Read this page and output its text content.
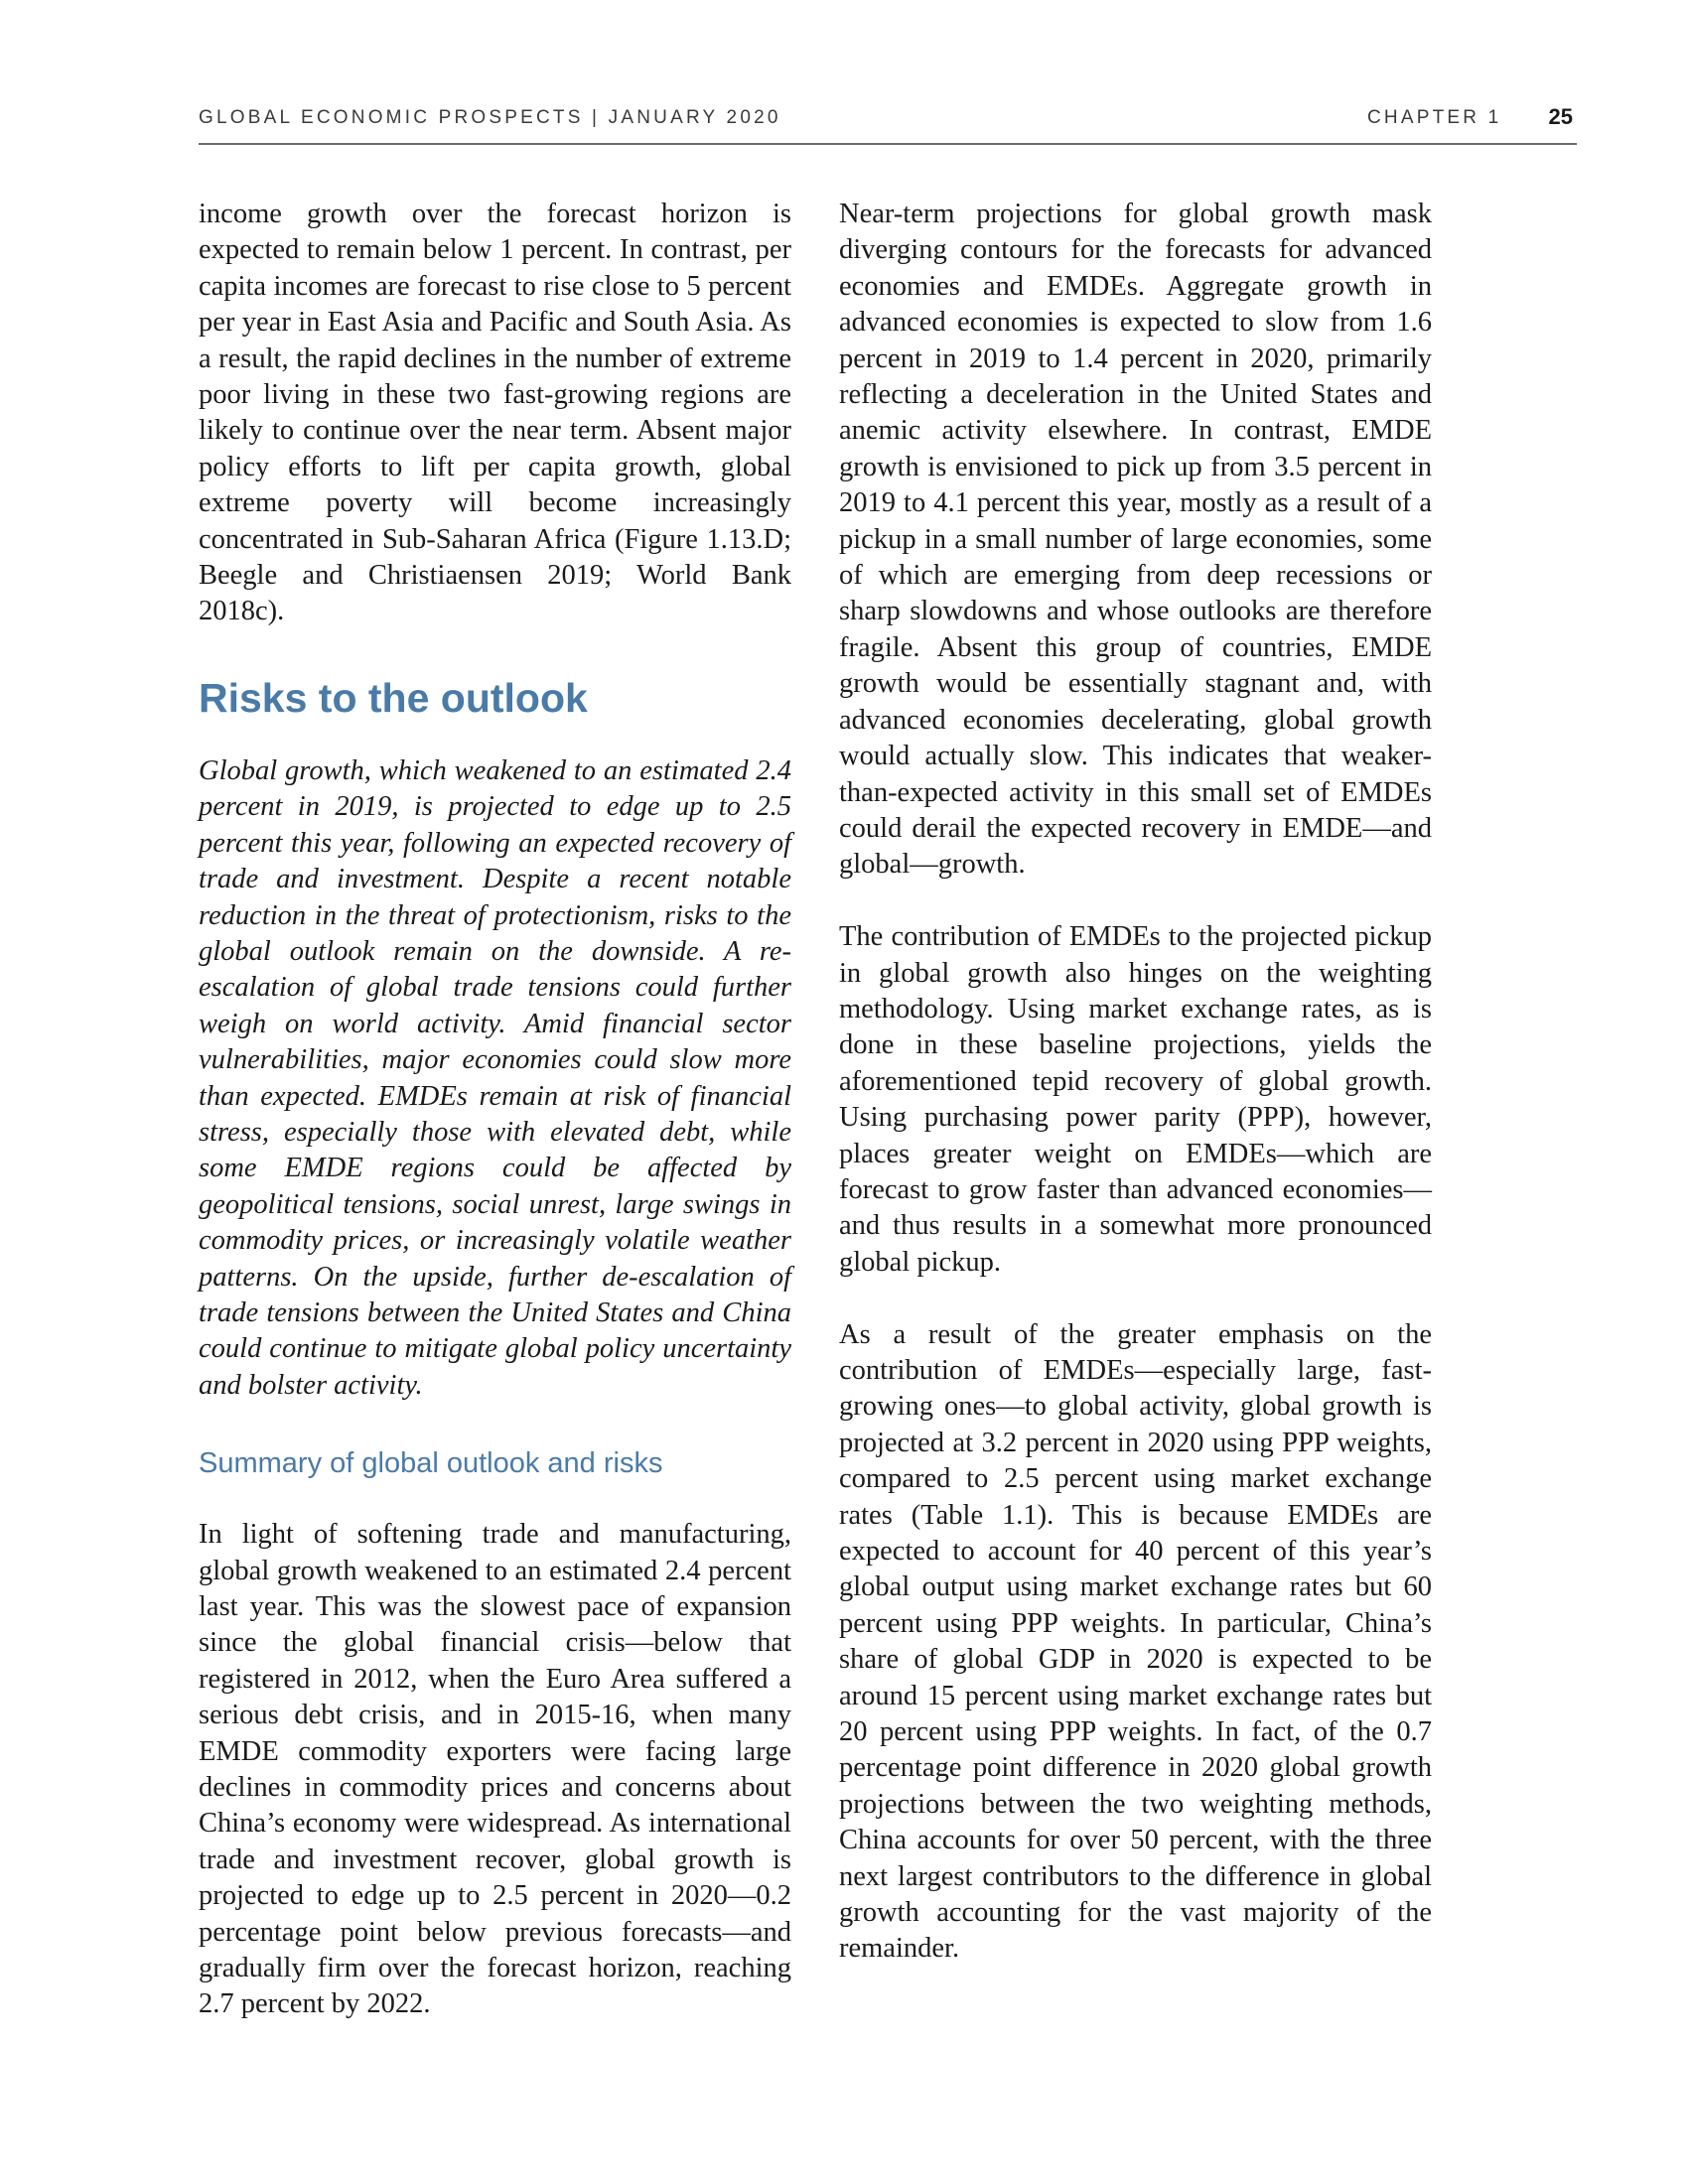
GLOBAL ECONOMIC PROSPECTS | JANUARY 2020	CHAPTER 1 25

income growth over the forecast horizon is expected to remain below 1 percent. In contrast, per capita incomes are forecast to rise close to 5 percent per year in East Asia and Pacific and South Asia. As a result, the rapid declines in the number of extreme poor living in these two fast-growing regions are likely to continue over the near term. Absent major policy efforts to lift per capita growth, global extreme poverty will become increasingly concentrated in Sub-Saharan Africa (Figure 1.13.D; Beegle and Christiaensen 2019; World Bank 2018c).

Risks to the outlook

Global growth, which weakened to an estimated 2.4 percent in 2019, is projected to edge up to 2.5 percent this year, following an expected recovery of trade and investment. Despite a recent notable reduction in the threat of protectionism, risks to the global outlook remain on the downside. A re-escalation of global trade tensions could further weigh on world activity. Amid financial sector vulnerabilities, major economies could slow more than expected. EMDEs remain at risk of financial stress, especially those with elevated debt, while some EMDE regions could be affected by geopolitical tensions, social unrest, large swings in commodity prices, or increasingly volatile weather patterns. On the upside, further de-escalation of trade tensions between the United States and China could continue to mitigate global policy uncertainty and bolster activity.

Summary of global outlook and risks

In light of softening trade and manufacturing, global growth weakened to an estimated 2.4 percent last year. This was the slowest pace of expansion since the global financial crisis—below that registered in 2012, when the Euro Area suffered a serious debt crisis, and in 2015-16, when many EMDE commodity exporters were facing large declines in commodity prices and concerns about China’s economy were widespread. As international trade and investment recover, global growth is projected to edge up to 2.5 percent in 2020—0.2 percentage point below previous forecasts—and gradually firm over the forecast horizon, reaching 2.7 percent by 2022.

Near-term projections for global growth mask diverging contours for the forecasts for advanced economies and EMDEs. Aggregate growth in advanced economies is expected to slow from 1.6 percent in 2019 to 1.4 percent in 2020, primarily reflecting a deceleration in the United States and anemic activity elsewhere. In contrast, EMDE growth is envisioned to pick up from 3.5 percent in 2019 to 4.1 percent this year, mostly as a result of a pickup in a small number of large economies, some of which are emerging from deep recessions or sharp slowdowns and whose outlooks are therefore fragile. Absent this group of countries, EMDE growth would be essentially stagnant and, with advanced economies decelerating, global growth would actually slow. This indicates that weaker-than-expected activity in this small set of EMDEs could derail the expected recovery in EMDE—and global—growth.

The contribution of EMDEs to the projected pickup in global growth also hinges on the weighting methodology. Using market exchange rates, as is done in these baseline projections, yields the aforementioned tepid recovery of global growth. Using purchasing power parity (PPP), however, places greater weight on EMDEs—which are forecast to grow faster than advanced economies—and thus results in a somewhat more pronounced global pickup.

As a result of the greater emphasis on the contribution of EMDEs—especially large, fast-growing ones—to global activity, global growth is projected at 3.2 percent in 2020 using PPP weights, compared to 2.5 percent using market exchange rates (Table 1.1). This is because EMDEs are expected to account for 40 percent of this year’s global output using market exchange rates but 60 percent using PPP weights. In particular, China’s share of global GDP in 2020 is expected to be around 15 percent using market exchange rates but 20 percent using PPP weights. In fact, of the 0.7 percentage point difference in 2020 global growth projections between the two weighting methods, China accounts for over 50 percent, with the three next largest contributors to the difference in global growth accounting for the vast majority of the remainder.
